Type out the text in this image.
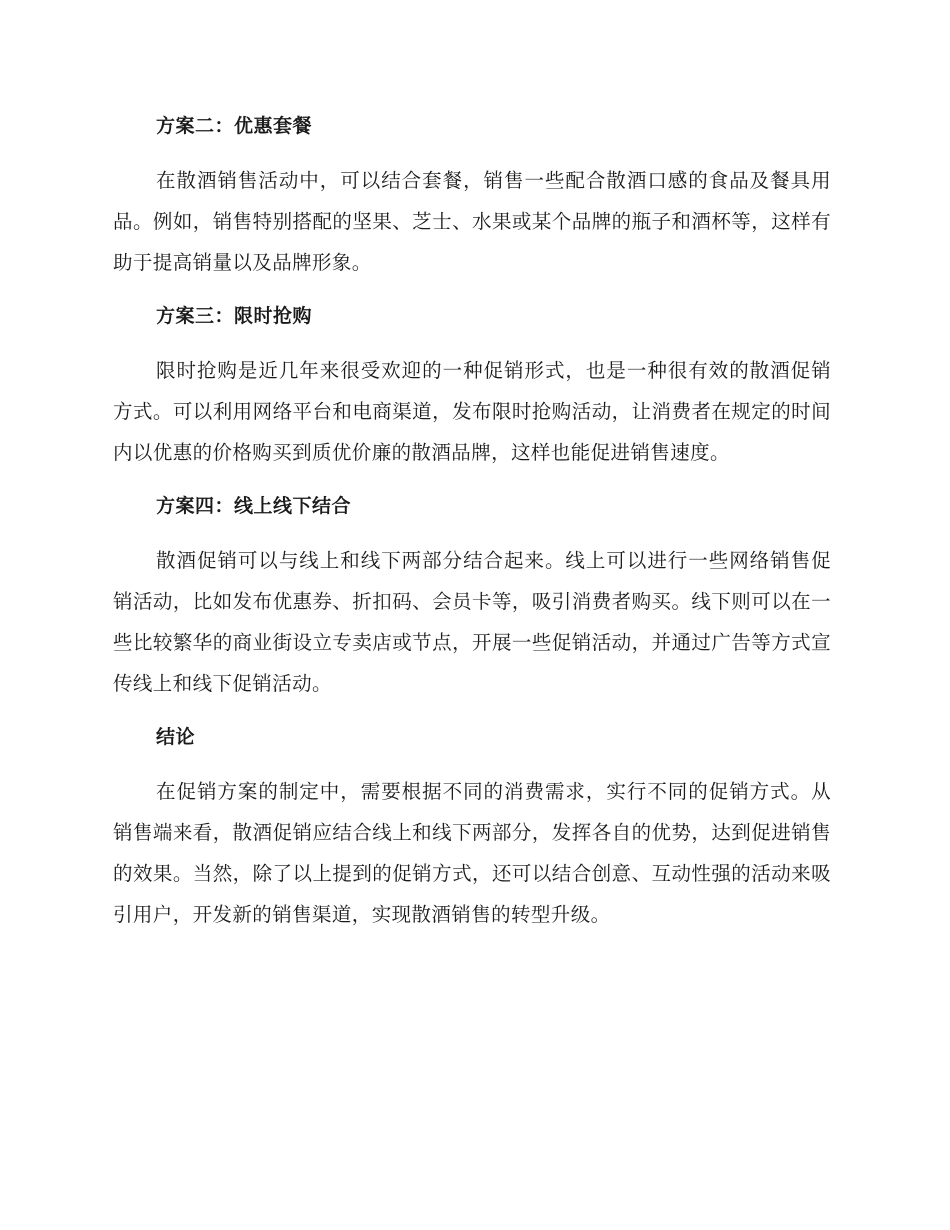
方案二：优惠套餐

在散酒销售活动中，可以结合套餐，销售一些配合散酒口感的食品及餐具用品。例如，销售特别搭配的坚果、芝士、水果或某个品牌的瓶子和酒杯等，这样有助于提高销量以及品牌形象。

方案三：限时抢购

限时抢购是近几年来很受欢迎的一种促销形式，也是一种很有效的散酒促销方式。可以利用网络平台和电商渠道，发布限时抢购活动，让消费者在规定的时间内以优惠的价格购买到质优价廉的散酒品牌，这样也能促进销售速度。

方案四：线上线下结合

散酒促销可以与线上和线下两部分结合起来。线上可以进行一些网络销售促销活动，比如发布优惠券、折扣码、会员卡等，吸引消费者购买。线下则可以在一些比较繁华的商业街设立专卖店或节点，开展一些促销活动，并通过广告等方式宣传线上和线下促销活动。

结论

在促销方案的制定中，需要根据不同的消费需求，实行不同的促销方式。从销售端来看，散酒促销应结合线上和线下两部分，发挥各自的优势，达到促进销售的效果。当然，除了以上提到的促销方式，还可以结合创意、互动性强的活动来吸引用户，开发新的销售渠道，实现散酒销售的转型升级。
